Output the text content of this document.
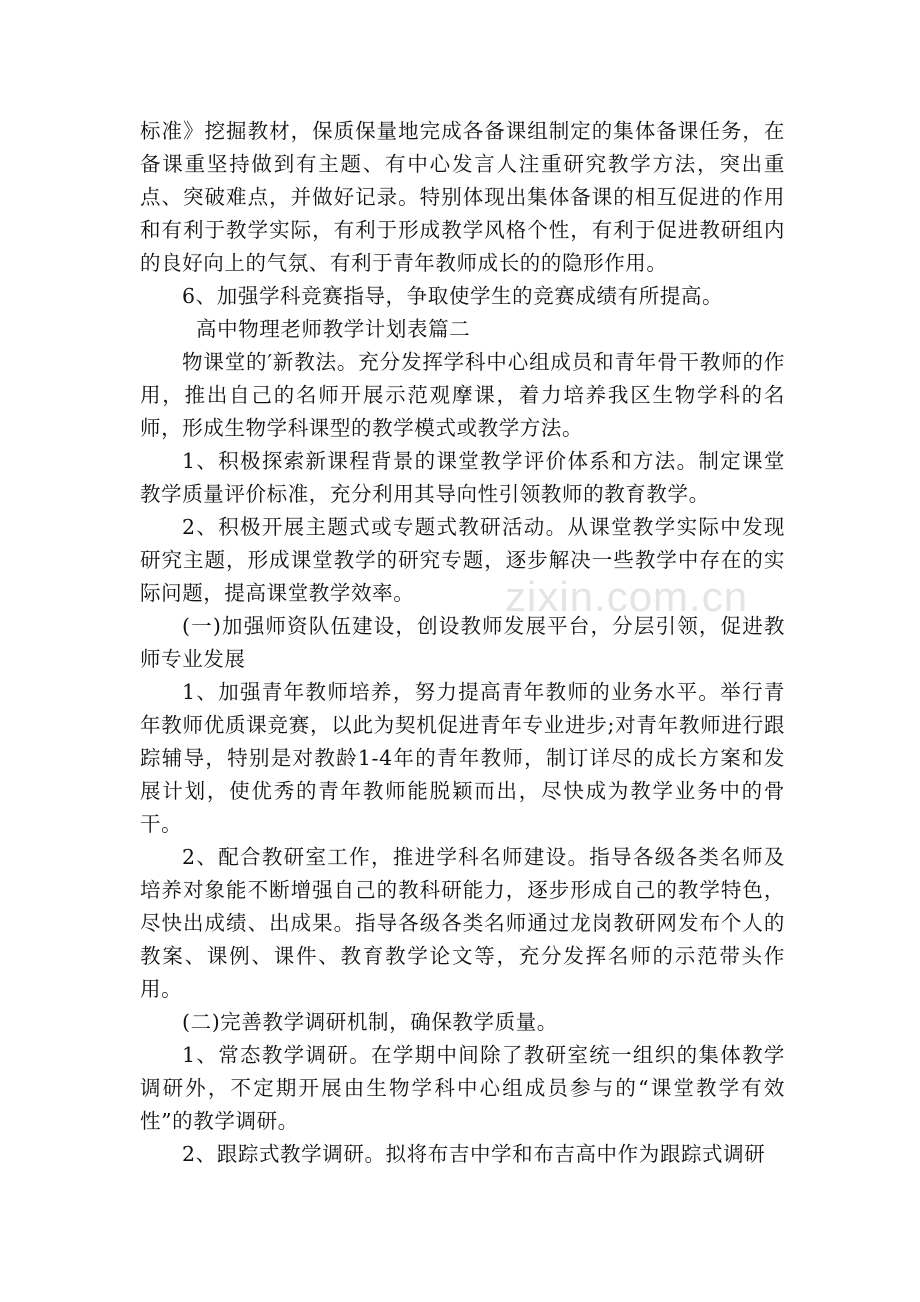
zixin.com.cn

标准》挖掘教材，保质保量地完成各备课组制定的集体备课任务，在备课重坚持做到有主题、有中心发言人注重研究教学方法，突出重点、突破难点，并做好记录。特别体现出集体备课的相互促进的作用和有利于教学实际，有利于形成教学风格个性，有利于促进教研组内的良好向上的气氛、有利于青年教师成长的的隐形作用。

6、加强学科竞赛指导，争取使学生的竞赛成绩有所提高。

高中物理老师教学计划表篇二

物课堂的′新教法。充分发挥学科中心组成员和青年骨干教师的作用，推出自己的名师开展示范观摩课，着力培养我区生物学科的名师，形成生物学科课型的教学模式或教学方法。

1、积极探索新课程背景的课堂教学评价体系和方法。制定课堂教学质量评价标准，充分利用其导向性引领教师的教育教学。

2、积极开展主题式或专题式教研活动。从课堂教学实际中发现研究主题，形成课堂教学的研究专题，逐步解决一些教学中存在的实际问题，提高课堂教学效率。

(一)加强师资队伍建设，创设教师发展平台，分层引领，促进教师专业发展

1、加强青年教师培养，努力提高青年教师的业务水平。举行青年教师优质课竞赛，以此为契机促进青年专业进步;对青年教师进行跟踪辅导，特别是对教龄1-4年的青年教师，制订详尽的成长方案和发展计划，使优秀的青年教师能脱颖而出，尽快成为教学业务中的骨干。

2、配合教研室工作，推进学科名师建设。指导各级各类名师及培养对象能不断增强自己的教科研能力，逐步形成自己的教学特色，尽快出成绩、出成果。指导各级各类名师通过龙岗教研网发布个人的教案、课例、课件、教育教学论文等，充分发挥名师的示范带头作用。

(二)完善教学调研机制，确保教学质量。

1、常态教学调研。在学期中间除了教研室统一组织的集体教学调研外，不定期开展由生物学科中心组成员参与的“课堂教学有效性”的教学调研。

2、跟踪式教学调研。拟将布吉中学和布吉高中作为跟踪式调研
